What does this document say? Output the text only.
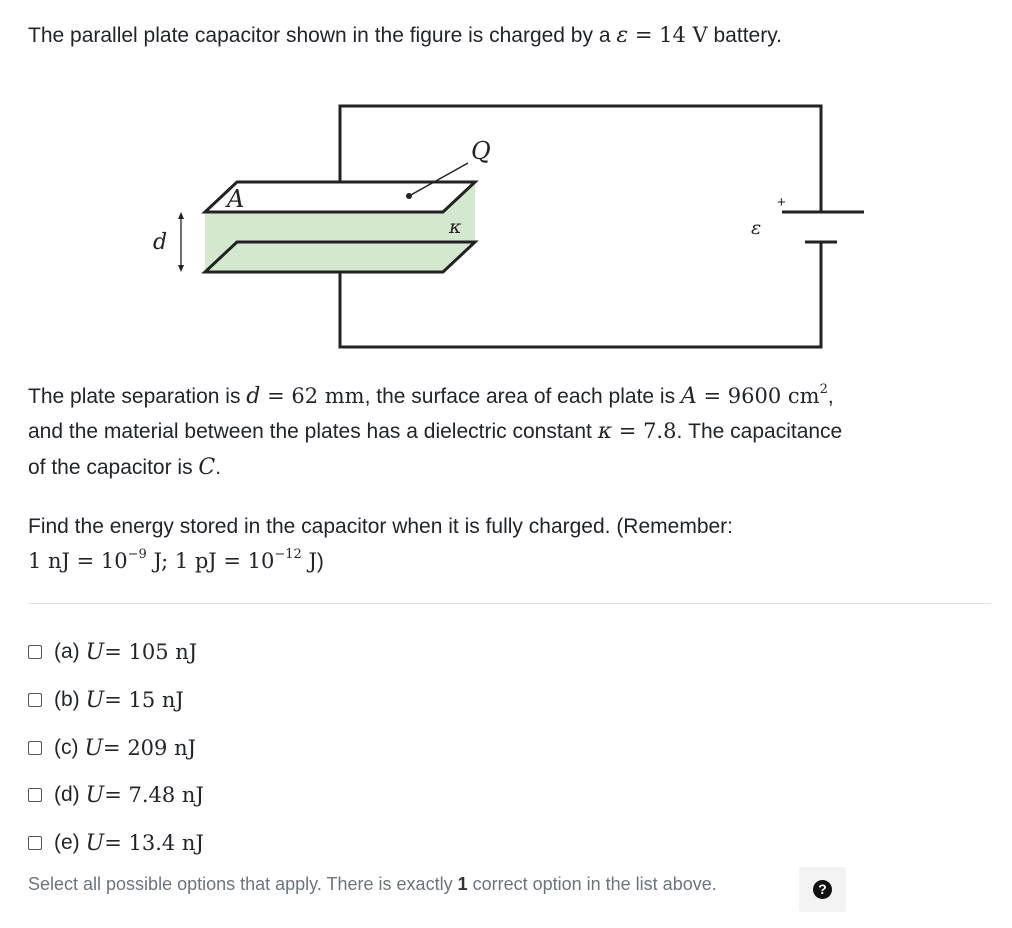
The parallel plate capacitor shown in the figure is charged by a ε = 14 V battery.

Q
A
κ
d
ε
+

The plate separation is d = 62 mm, the surface area of each plate is A = 9600 $cm^2$,

and the material between the plates has a dielectric constant κ = 7.8. The capacitance

of the capacitor is C.

Find the energy stored in the capacitor when it is fully charged. (Remember:

1 nJ = $10^{-9}$ J; 1 pJ = $10^{-12}$ J)

(a) U = 105 nJ
(b) U = 15 nJ
(c) U = 209 nJ
(d) U = 7.48 nJ
(e) U = 13.4 nJ
Select all possible options that apply. There is exactly 1 correct option in the list above.	?
